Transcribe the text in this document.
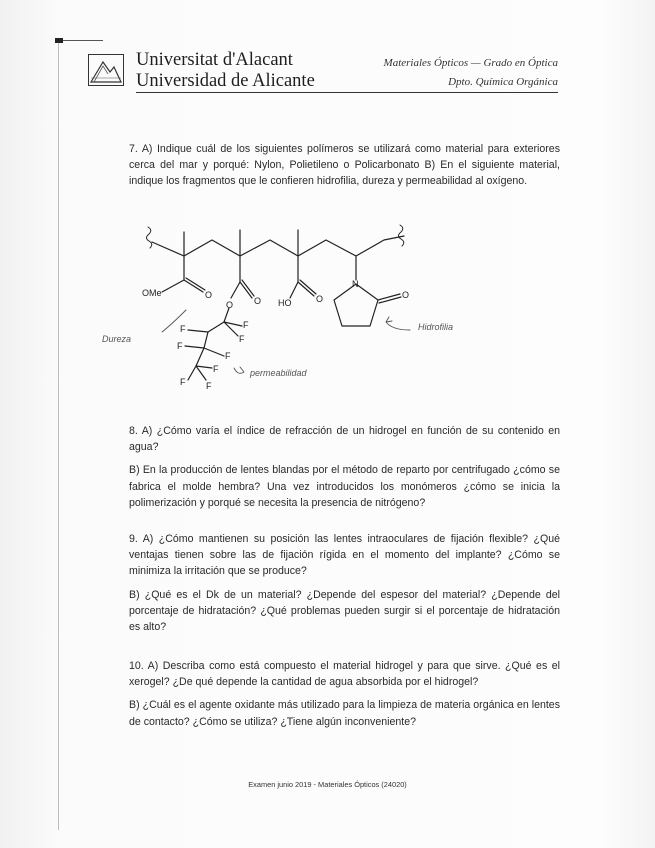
Universitat d'Alacant
Universidad de Alicante
Materiales Ópticos — Grado en Óptica
Dpto. Química Orgánica

7. A) Indique cuál de los siguientes polímeros se utilizará como material para exteriores cerca del mar y porqué: Nylon, Polietileno o Policarbonato B) En el siguiente material, indique los fragmentos que le confieren hidrofilia, dureza y permeabilidad al oxígeno.

OMe	O
O O HO	O
N
O
F
F
F
F
F
F F
F
Dureza
Hidrofilia
permeabilidad

8. A) ¿Cómo varía el índice de refracción de un hidrogel en función de su contenido en agua?

B) En la producción de lentes blandas por el método de reparto por centrifugado ¿cómo se fabrica el molde hembra? Una vez introducidos los monómeros ¿cómo se inicia la polimerización y porqué se necesita la presencia de nitrógeno?

9. A) ¿Cómo mantienen su posición las lentes intraoculares de fijación flexible? ¿Qué ventajas tienen sobre las de fijación rígida en el momento del implante? ¿Cómo se minimiza la irritación que se produce?

B) ¿Qué es el Dk de un material? ¿Depende del espesor del material? ¿Depende del porcentaje de hidratación? ¿Qué problemas pueden surgir si el porcentaje de hidratación es alto?

10. A) Describa como está compuesto el material hidrogel y para que sirve. ¿Qué es el xerogel? ¿De qué depende la cantidad de agua absorbida por el hidrogel?

B) ¿Cuál es el agente oxidante más utilizado para la limpieza de materia orgánica en lentes de contacto? ¿Cómo se utiliza? ¿Tiene algún inconveniente?

Examen junio 2019 - Materiales Ópticos (24020)
